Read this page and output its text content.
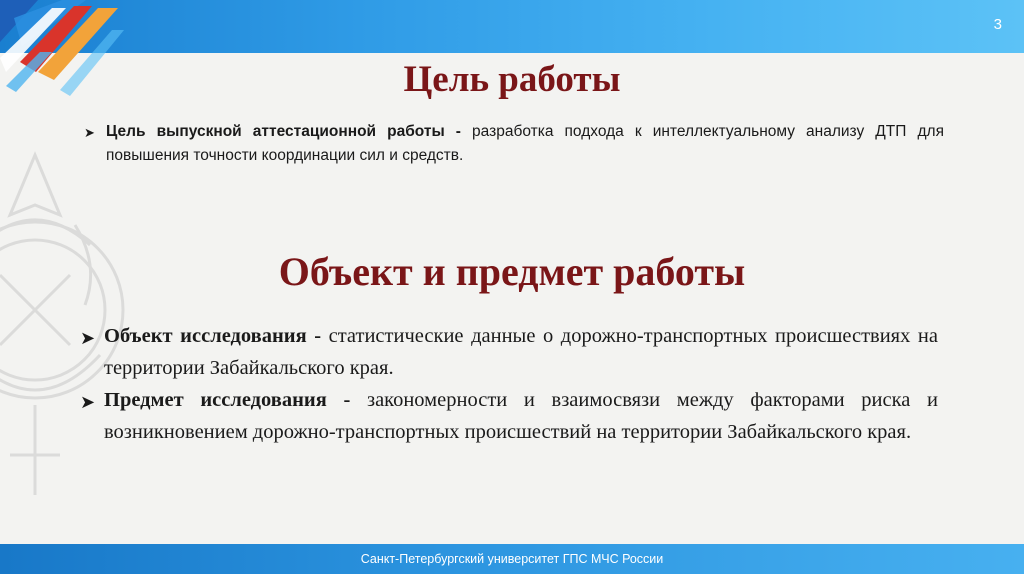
3
Цель работы

➤ Цель выпускной аттестационной работы - разработка подхода к интеллектуальному анализу ДТП для повышения точности координации сил и средств.

Объект и предмет работы

➤ Объект исследования - статистические данные о дорожно-транспортных происшествиях на территории Забайкальского края.

➤ Предмет исследования - закономерности и взаимосвязи между факторами риска и возникновением дорожно-транспортных происшествий на территории Забайкальского края.

Санкт-Петербургский университет ГПС МЧС России
